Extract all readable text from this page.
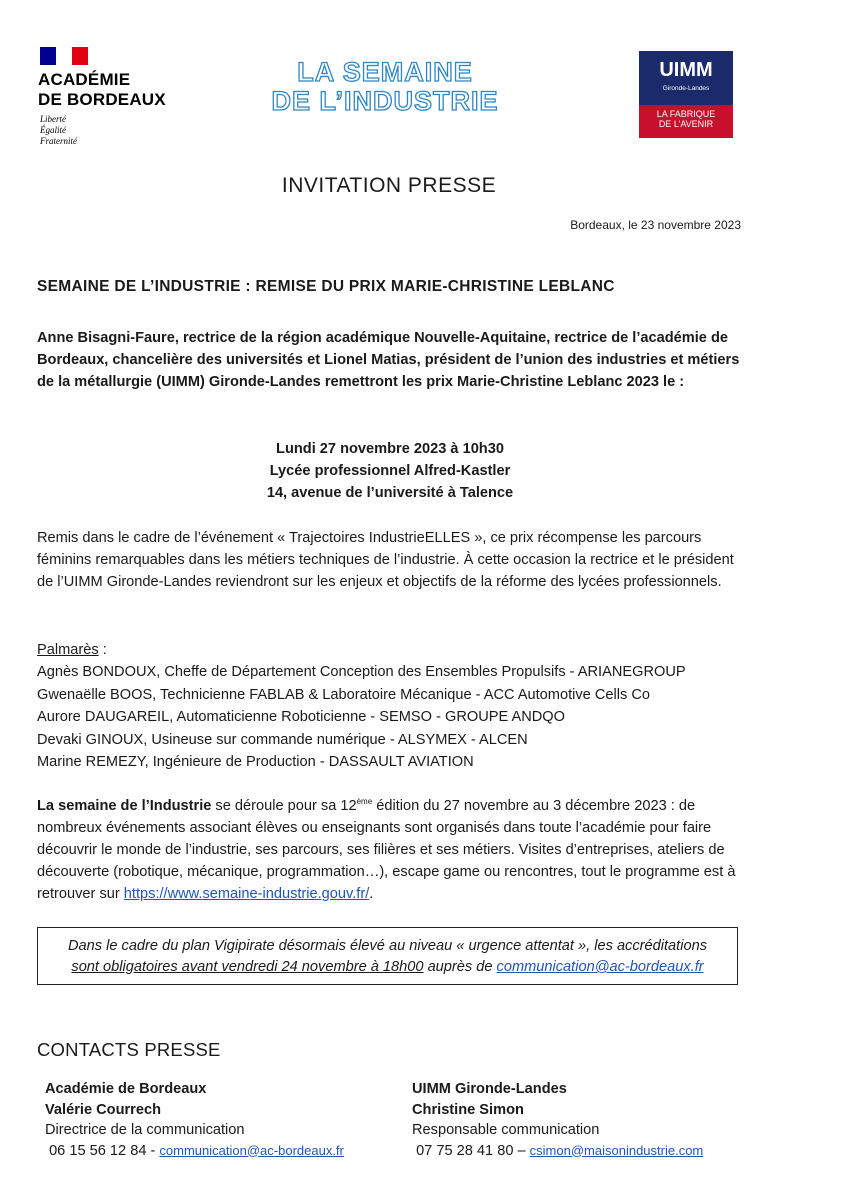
ACADÉMIE
DE BORDEAUX
Liberté
Égalité
Fraternité
LA SEMAINE
DE L’INDUSTRIE
UIMM
Gironde-Landes
LA FABRIQUE
DE L’AVENIR
INVITATION PRESSE
Bordeaux, le 23 novembre 2023
SEMAINE DE L’INDUSTRIE : REMISE DU PRIX MARIE-CHRISTINE LEBLANC
Anne Bisagni-Faure, rectrice de la région académique Nouvelle-Aquitaine, rectrice de l’académie de Bordeaux, chancelière des universités et Lionel Matias, président de l’union des industries et métiers de la métallurgie (UIMM) Gironde-Landes remettront les prix Marie-Christine Leblanc 2023 le :
Lundi 27 novembre 2023 à 10h30
Lycée professionnel Alfred-Kastler
14, avenue de l’université à Talence
Remis dans le cadre de l’événement « Trajectoires IndustrieELLES », ce prix récompense les parcours féminins remarquables dans les métiers techniques de l’industrie. À cette occasion la rectrice et le président de l’UIMM Gironde-Landes reviendront sur les enjeux et objectifs de la réforme des lycées professionnels.
Palmarès :
Agnès BONDOUX, Cheffe de Département Conception des Ensembles Propulsifs - ARIANEGROUP
Gwenaëlle BOOS, Technicienne FABLAB & Laboratoire Mécanique - ACC Automotive Cells Co
Aurore DAUGAREIL, Automaticienne Roboticienne - SEMSO - GROUPE ANDQO
Devaki GINOUX, Usineuse sur commande numérique - ALSYMEX - ALCEN
Marine REMEZY, Ingénieure de Production - DASSAULT AVIATION
La semaine de l’Industrie se déroule pour sa 12ème édition du 27 novembre au 3 décembre 2023 : de nombreux événements associant élèves ou enseignants sont organisés dans toute l’académie pour faire découvrir le monde de l’industrie, ses parcours, ses filières et ses métiers. Visites d’entreprises, ateliers de découverte (robotique, mécanique, programmation…), escape game ou rencontres, tout le programme est à retrouver sur https://www.semaine-industrie.gouv.fr/.
Dans le cadre du plan Vigipirate désormais élevé au niveau « urgence attentat », les accréditations
sont obligatoires avant vendredi 24 novembre à 18h00 auprès de communication@ac-bordeaux.fr
CONTACTS PRESSE
Académie de Bordeaux
Valérie Courrech
Directrice de la communication
06 15 56 12 84 - communication@ac-bordeaux.fr
UIMM Gironde-Landes
Christine Simon
Responsable communication
07 75 28 41 80 – csimon@maisonindustrie.com
